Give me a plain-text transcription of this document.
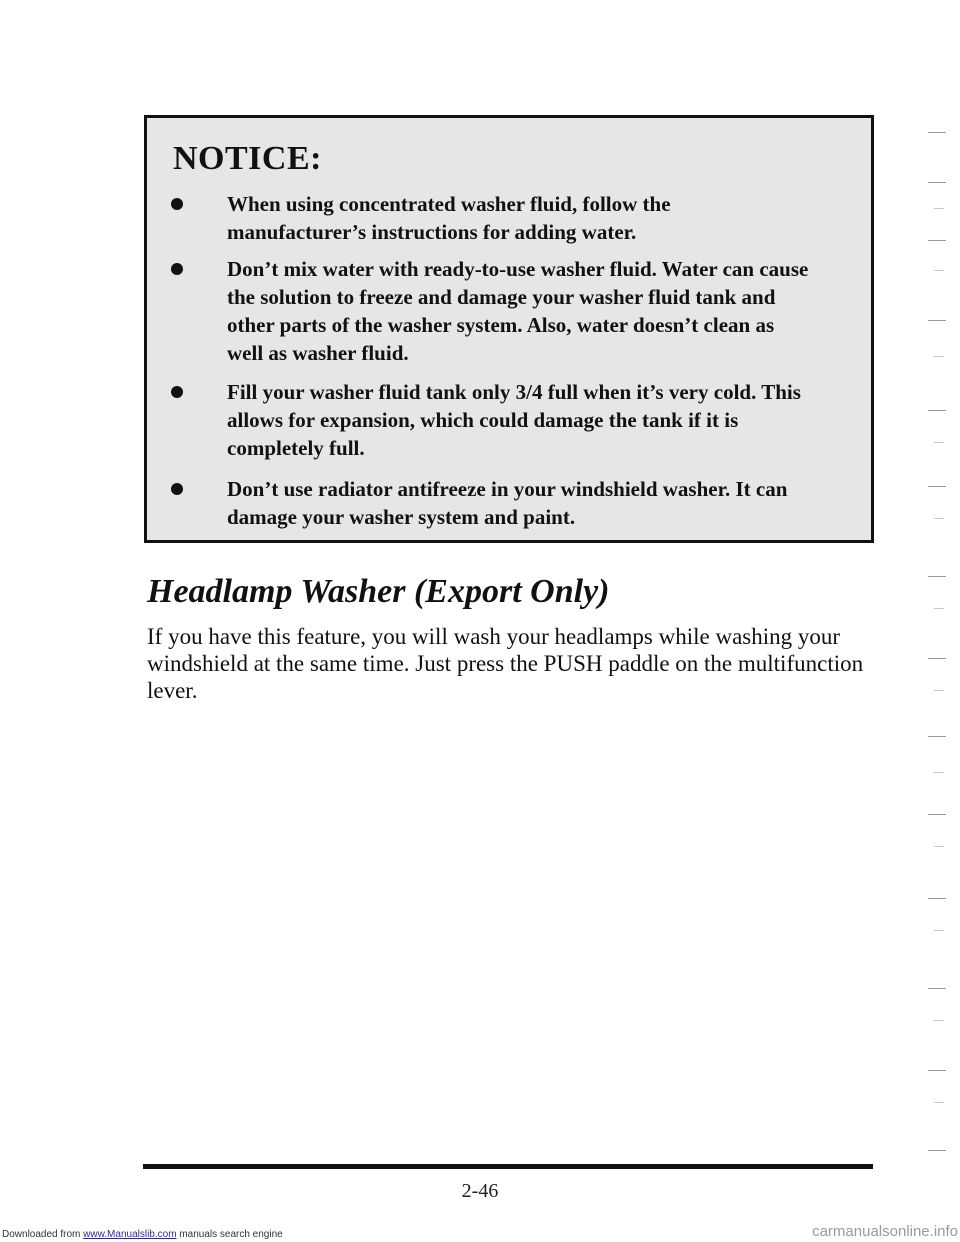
NOTICE:
When using concentrated washer fluid, follow the manufacturer’s instructions for adding water.
Don’t mix water with ready-to-use washer fluid. Water can cause the solution to freeze and damage your washer fluid tank and other parts of the washer system. Also, water doesn’t clean as well as washer fluid.
Fill your washer fluid tank only 3/4 full when it’s very cold. This allows for expansion, which could damage the tank if it is completely full.
Don’t use radiator antifreeze in your windshield washer. It can damage your washer system and paint.
Headlamp Washer (Export Only)
If you have this feature, you will wash your headlamps while washing your windshield at the same time. Just press the PUSH paddle on the multifunction lever.
2-46
Downloaded from www.Manualslib.com manuals search engine	carmanualsonline.info
